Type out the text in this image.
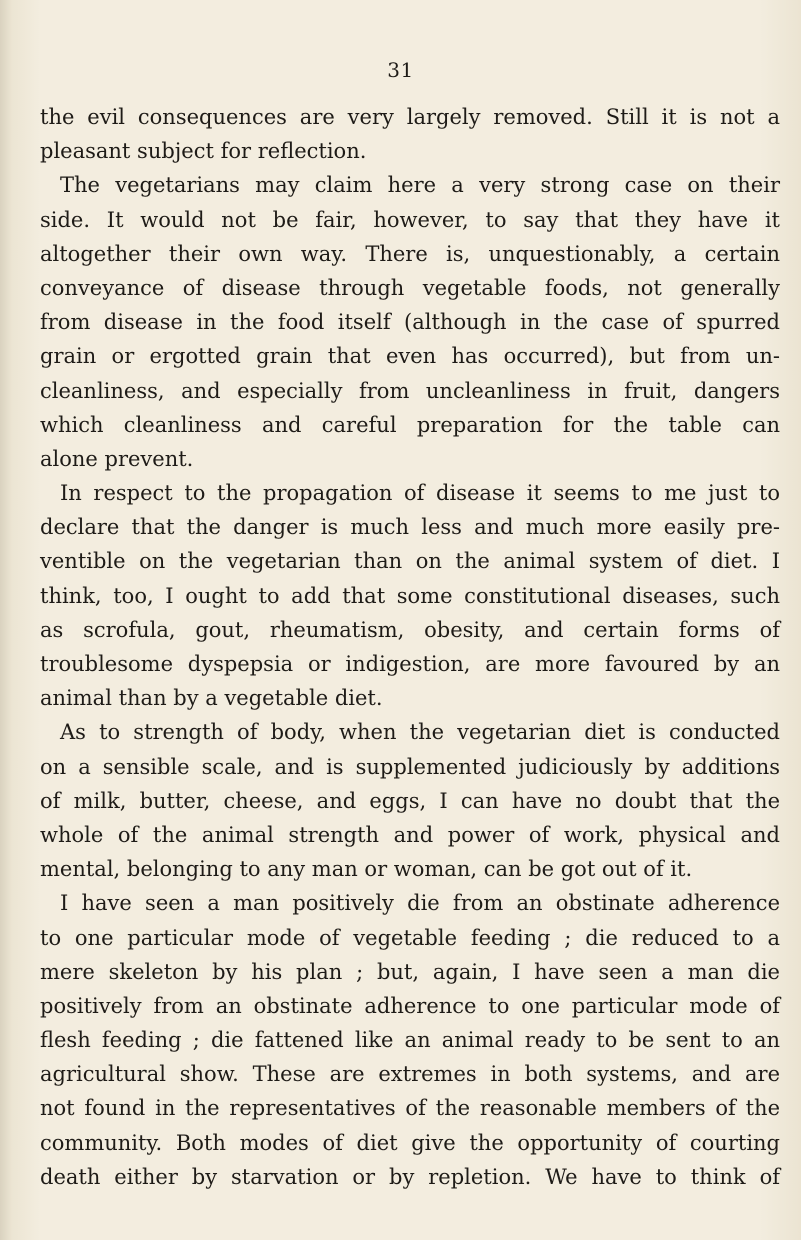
31
the evil consequences are very largely removed. Still it is not a
pleasant subject for reflection.
The vegetarians may claim here a very strong case on their
side. It would not be fair, however, to say that they have it
altogether their own way. There is, unquestionably, a certain
conveyance of disease through vegetable foods, not generally
from disease in the food itself (although in the case of spurred
grain or ergotted grain that even has occurred), but from un-
cleanliness, and especially from uncleanliness in fruit, dangers
which cleanliness and careful preparation for the table can
alone prevent.
In respect to the propagation of disease it seems to me just to
declare that the danger is much less and much more easily pre-
ventible on the vegetarian than on the animal system of diet. I
think, too, I ought to add that some constitutional diseases, such
as scrofula, gout, rheumatism, obesity, and certain forms of
troublesome dyspepsia or indigestion, are more favoured by an
animal than by a vegetable diet.
As to strength of body, when the vegetarian diet is conducted
on a sensible scale, and is supplemented judiciously by additions
of milk, butter, cheese, and eggs, I can have no doubt that the
whole of the animal strength and power of work, physical and
mental, belonging to any man or woman, can be got out of it.
I have seen a man positively die from an obstinate adherence
to one particular mode of vegetable feeding ; die reduced to a
mere skeleton by his plan ; but, again, I have seen a man die
positively from an obstinate adherence to one particular mode of
flesh feeding ; die fattened like an animal ready to be sent to an
agricultural show. These are extremes in both systems, and are
not found in the representatives of the reasonable members of the
community. Both modes of diet give the opportunity of courting
death either by starvation or by repletion. We have to think of
